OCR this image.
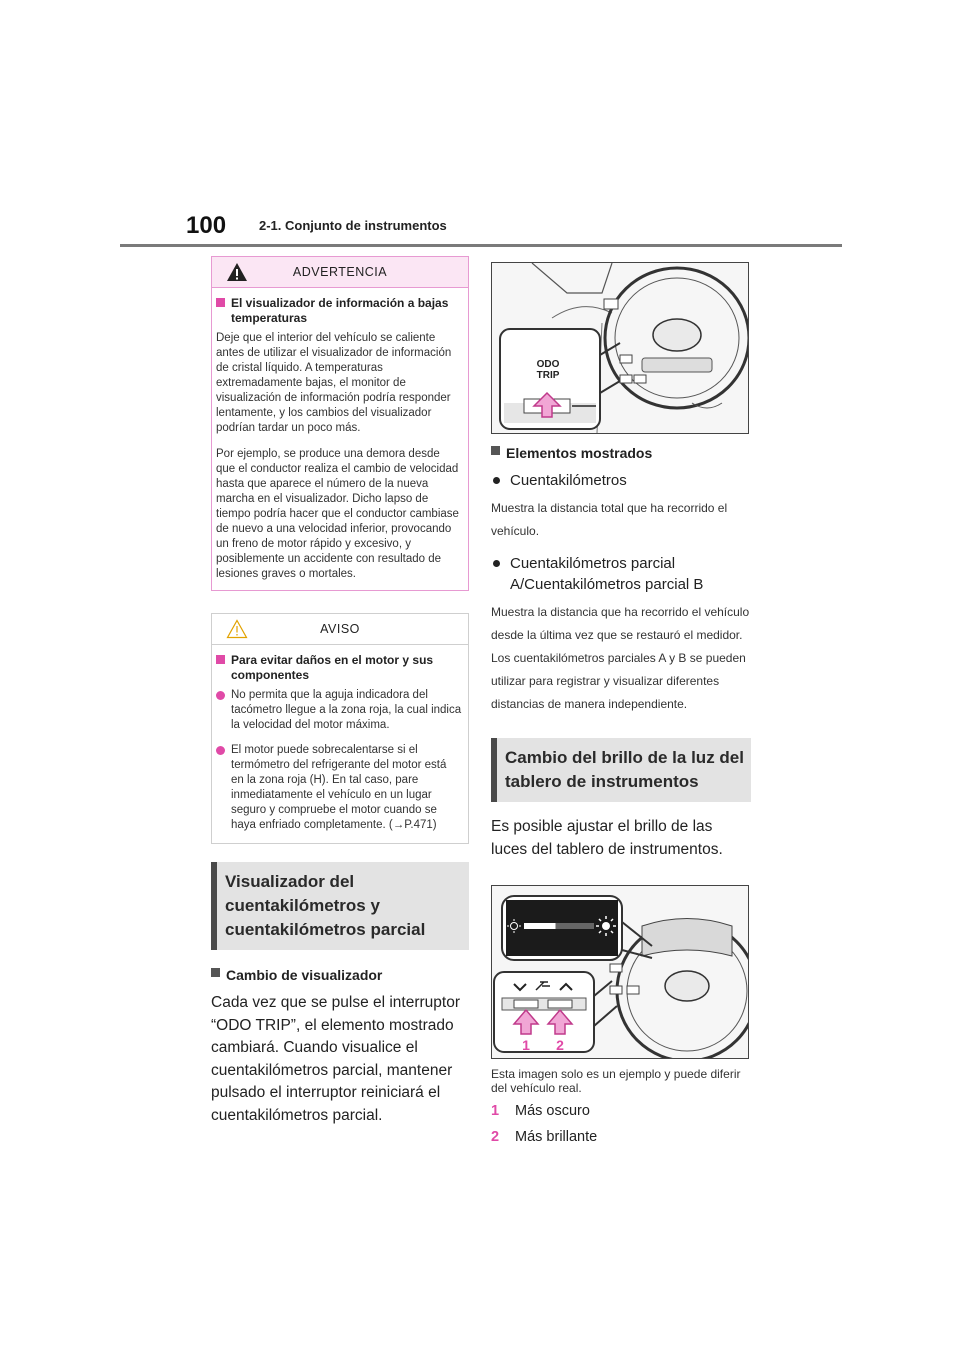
100	2-1. Conjunto de instrumentos
ADVERTENCIA
El visualizador de información a bajas temperaturas

Deje que el interior del vehículo se caliente antes de utilizar el visualizador de información de cristal líquido. A temperaturas extremadamente bajas, el monitor de visualización de información podría responder lentamente, y los cambios del visualizador podrían tardar un poco más.

Por ejemplo, se produce una demora desde que el conductor realiza el cambio de velocidad hasta que aparece el número de la nueva marcha en el visualizador. Dicho lapso de tiempo podría hacer que el conductor cambiase de nuevo a una velocidad inferior, provocando un freno de motor rápido y excesivo, y posiblemente un accidente con resultado de lesiones graves o mortales.

AVISO
Para evitar daños en el motor y sus componentes
No permita que la aguja indicadora del tacómetro llegue a la zona roja, la cual indica la velocidad del motor máxima.
El motor puede sobrecalentarse si el termómetro del refrigerante del motor está en la zona roja (H). En tal caso, pare inmediatamente el vehículo en un lugar seguro y compruebe el motor cuando se haya enfriado completamente. (→P.471)
Visualizador del cuentakilómetros y cuentakilómetros parcial
Cambio de visualizador
Cada vez que se pulse el interruptor “ODO TRIP”, el elemento mostrado cambiará. Cuando visualice el cuentakilómetros parcial, mantener pulsado el interruptor reiniciará el cuentakilómetros parcial.
ODO
TRIP
Elementos mostrados
Cuentakilómetros
Muestra la distancia total que ha recorrido el vehículo.
Cuentakilómetros parcial A/Cuentakilómetros parcial B
Muestra la distancia que ha recorrido el vehículo desde la última vez que se restauró el medidor. Los cuentakilómetros parciales A y B se pueden utilizar para registrar y visualizar diferentes distancias de manera independiente.
Cambio del brillo de la luz del tablero de instrumentos
Es posible ajustar el brillo de las luces del tablero de instrumentos.
1 2
Esta imagen solo es un ejemplo y puede diferir del vehículo real.
1	Más oscuro
2	Más brillante
